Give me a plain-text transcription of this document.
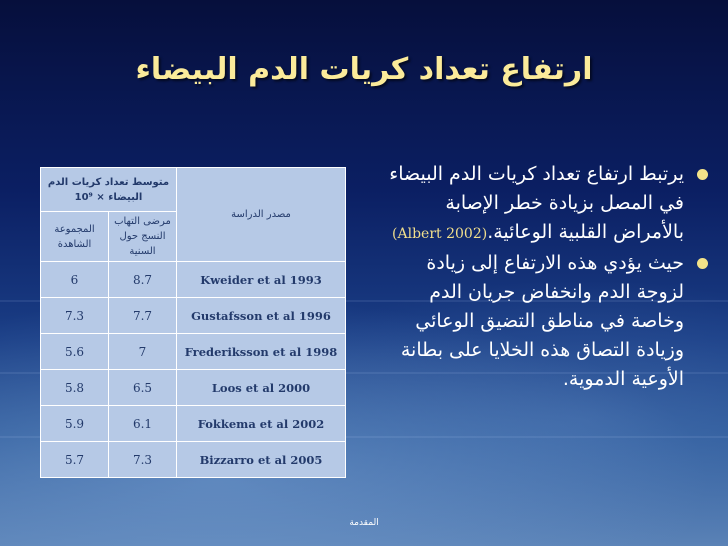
ارتفاع تعداد كريات الدم البيضاء
متوسط تعداد كريات الدم البيضاء × 10⁹		مصدر الدراسة
المجموعة الشاهدة	مرضى التهاب النسج حول السنية	
6	8.7	Kweider et al 1993
7.3	7.7	Gustafsson et al 1996
5.6	7	Frederiksson et al 1998
5.8	6.5	Loos et al 2000
5.9	6.1	Fokkema et al 2002
5.7	7.3	Bizzarro et al 2005
يرتبط ارتفاع تعداد كريات الدم البيضاء
في المصل بزيادة خطر الإصابة
بالأمراض القلبية الوعائية.(Albert 2002)
حيث يؤدي هذه الارتفاع إلى زيادة
لزوجة الدم وانخفاض جريان الدم
وخاصة في مناطق التضيق الوعائي
وزيادة التصاق هذه الخلايا على بطانة
الأوعية الدموية.
المقدمة
